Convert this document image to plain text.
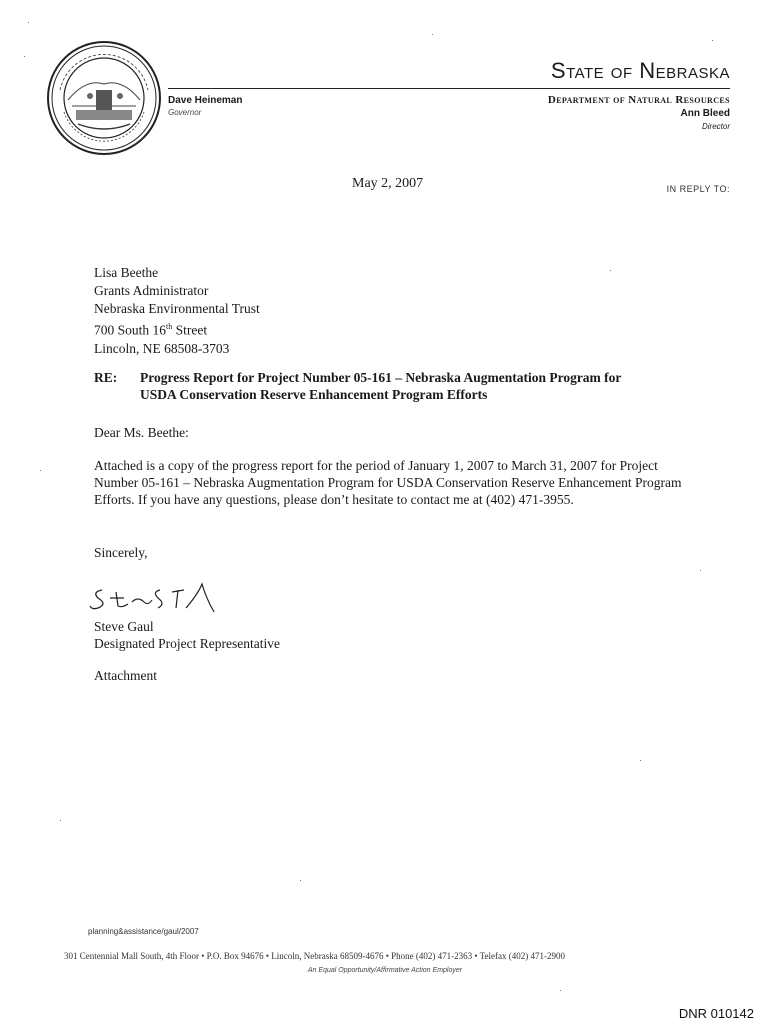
Dave Heineman
Governor
State of Nebraska
Department of Natural Resources
Ann Bleed
Director
May 2, 2007	IN REPLY TO:
Lisa Beethe
Grants Administrator
Nebraska Environmental Trust
700 South 16th Street
Lincoln, NE 68508-3703
RE: Progress Report for Project Number 05-161 – Nebraska Augmentation Program for
USDA Conservation Reserve Enhancement Program Efforts
Dear Ms. Beethe:
Attached is a copy of the progress report for the period of January 1, 2007 to March 31, 2007 for Project Number 05-161 – Nebraska Augmentation Program for USDA Conservation Reserve Enhancement Program Efforts. If you have any questions, please don’t hesitate to contact me at (402) 471-3955.
Sincerely,
Steve Gaul
Designated Project Representative
Attachment
planning&assistance/gaul/2007
301 Centennial Mall South, 4th Floor • P.O. Box 94676 • Lincoln, Nebraska 68509-4676 • Phone (402) 471-2363 • Telefax (402) 471-2900
An Equal Opportunity/Affirmative Action Employer
DNR 010142
